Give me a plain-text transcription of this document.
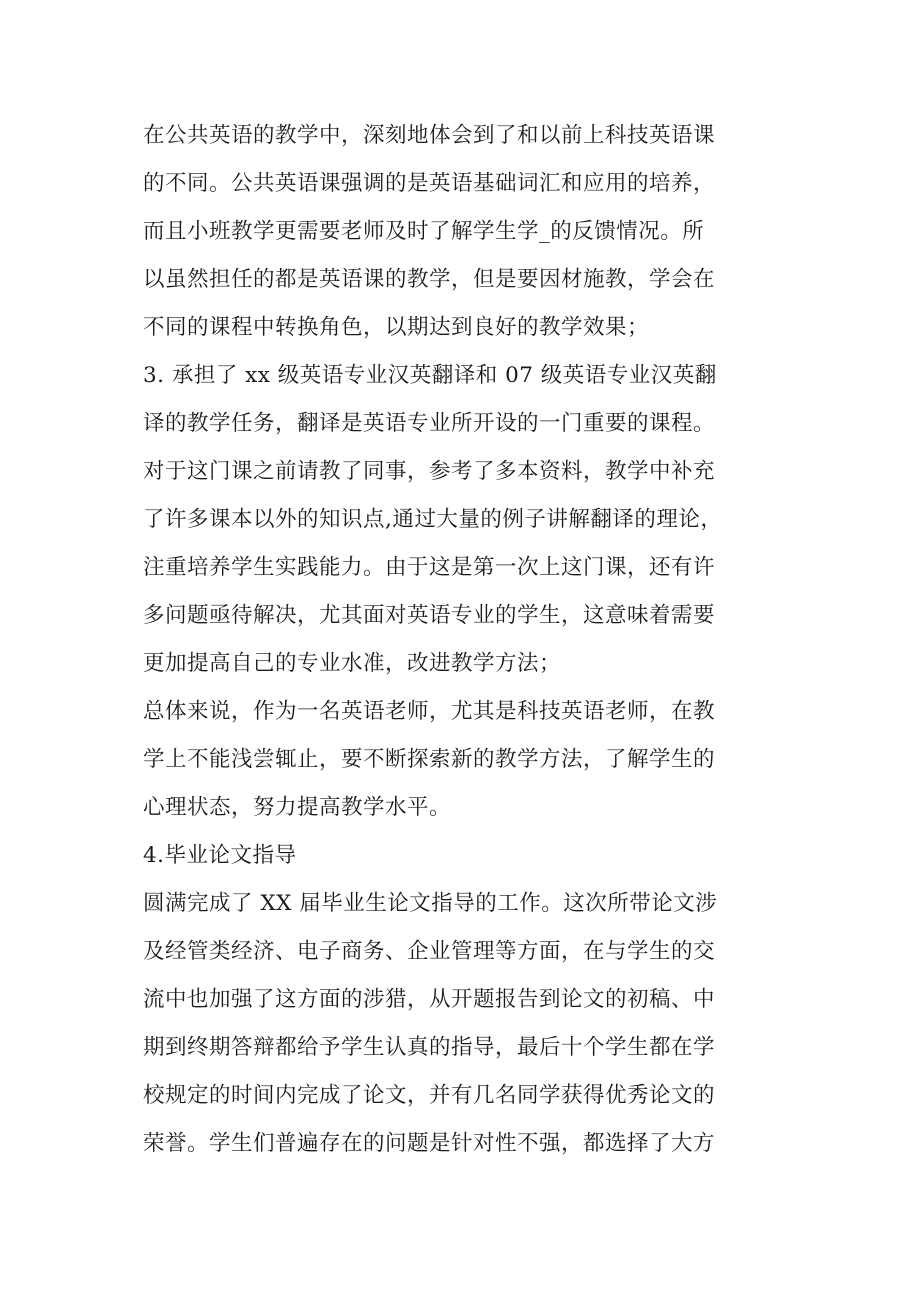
在公共英语的教学中，深刻地体会到了和以前上科技英语课
的不同。公共英语课强调的是英语基础词汇和应用的培养，
而且小班教学更需要老师及时了解学生学_的反馈情况。所
以虽然担任的都是英语课的教学，但是要因材施教，学会在
不同的课程中转换角色，以期达到良好的教学效果；
3. 承担了 xx 级英语专业汉英翻译和 07 级英语专业汉英翻
译的教学任务，翻译是英语专业所开设的一门重要的课程。
对于这门课之前请教了同事，参考了多本资料，教学中补充
了许多课本以外的知识点,通过大量的例子讲解翻译的理论，
注重培养学生实践能力。由于这是第一次上这门课，还有许
多问题亟待解决，尤其面对英语专业的学生，这意味着需要
更加提高自己的专业水准，改进教学方法；
总体来说，作为一名英语老师，尤其是科技英语老师，在教
学上不能浅尝辄止，要不断探索新的教学方法，了解学生的
心理状态，努力提高教学水平。
4.毕业论文指导
圆满完成了 XX 届毕业生论文指导的工作。这次所带论文涉
及经管类经济、电子商务、企业管理等方面，在与学生的交
流中也加强了这方面的涉猎，从开题报告到论文的初稿、中
期到终期答辩都给予学生认真的指导，最后十个学生都在学
校规定的时间内完成了论文，并有几名同学获得优秀论文的
荣誉。学生们普遍存在的问题是针对性不强，都选择了大方
